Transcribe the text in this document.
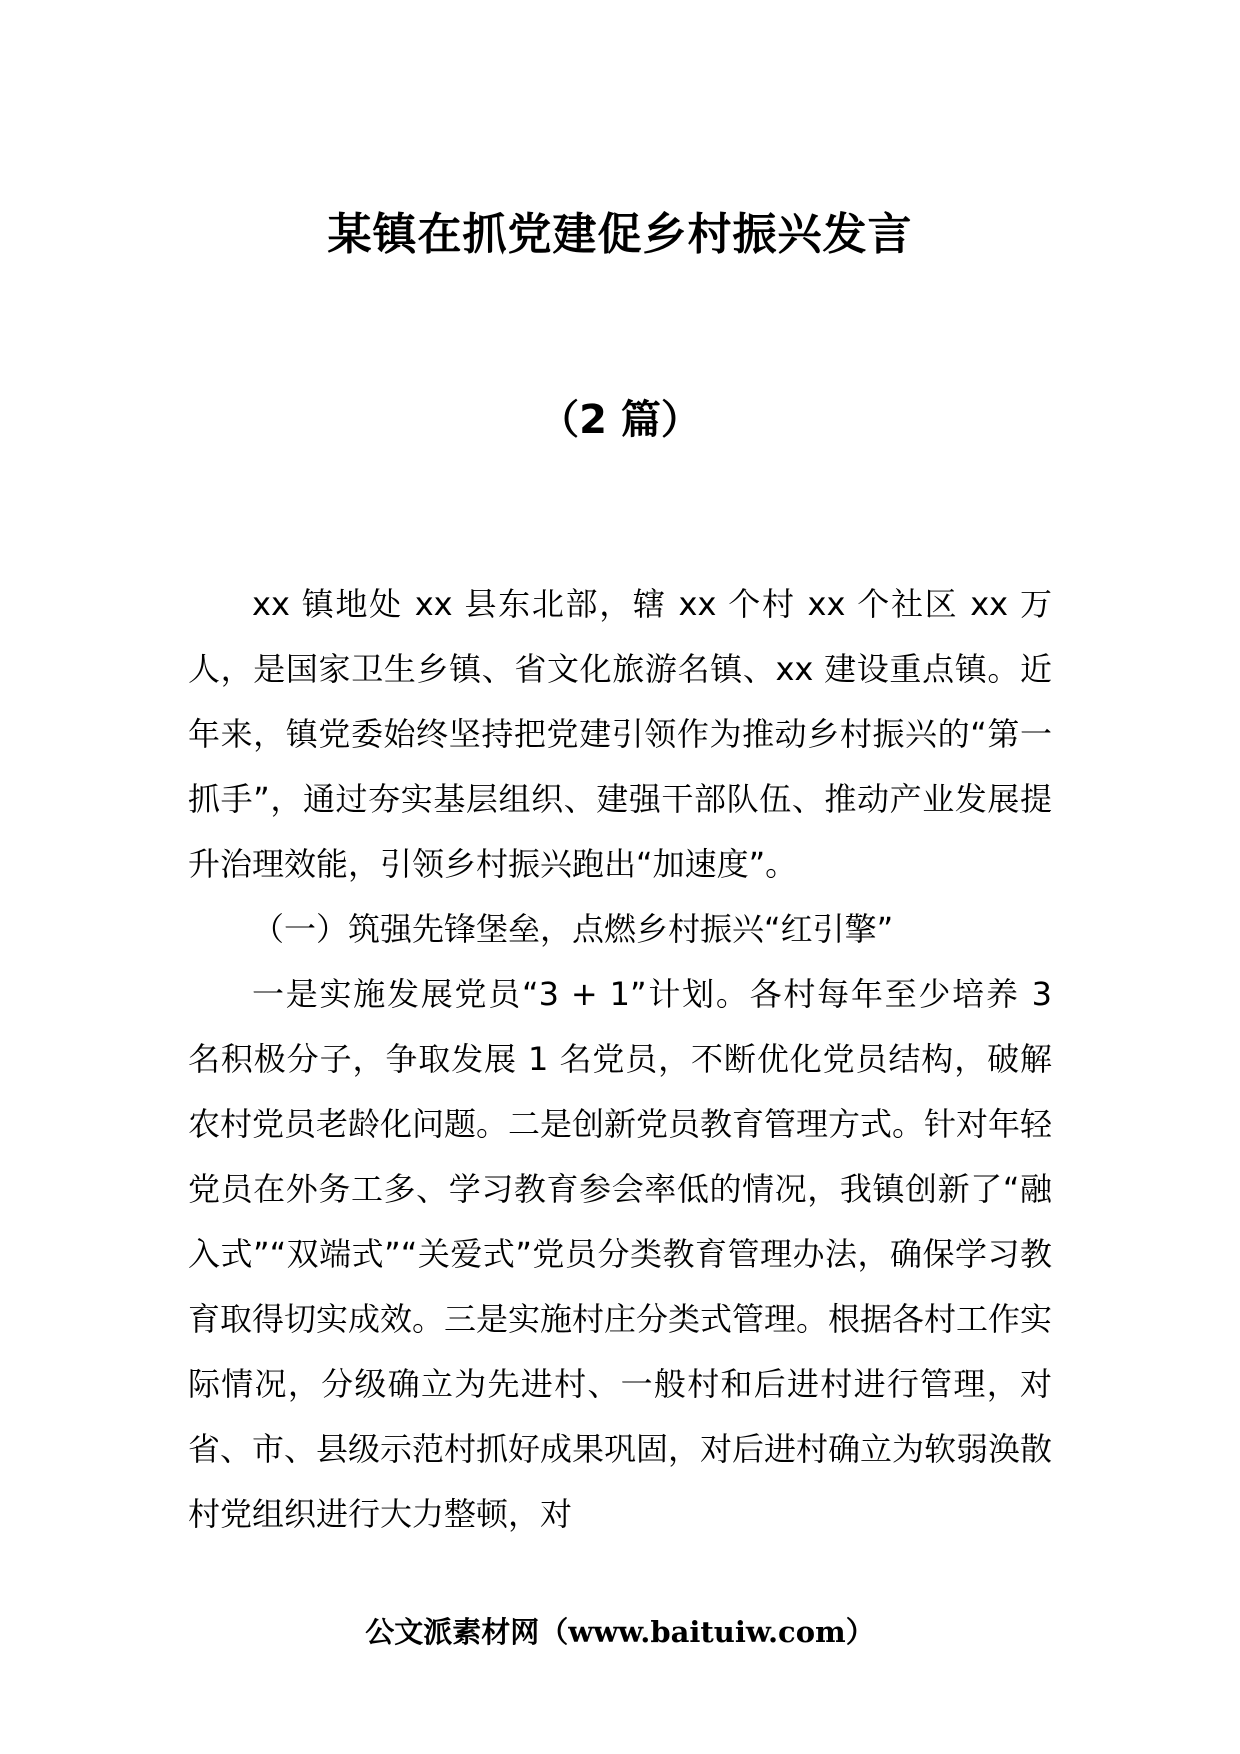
某镇在抓党建促乡村振兴发言
（2 篇）

xx 镇地处 xx 县东北部，辖 xx 个村 xx 个社区 xx 万人，是国家卫生乡镇、省文化旅游名镇、xx 建设重点镇。近年来，镇党委始终坚持把党建引领作为推动乡村振兴的“第一抓手”，通过夯实基层组织、建强干部队伍、推动产业发展提升治理效能，引领乡村振兴跑出“加速度”。

（一）筑强先锋堡垒，点燃乡村振兴“红引擎”

一是实施发展党员“3 + 1”计划。各村每年至少培养 3 名积极分子，争取发展 1 名党员，不断优化党员结构，破解农村党员老龄化问题。二是创新党员教育管理方式。针对年轻党员在外务工多、学习教育参会率低的情况，我镇创新了“融入式”“双端式”“关爱式”党员分类教育管理办法，确保学习教育取得切实成效。三是实施村庄分类式管理。根据各村工作实际情况，分级确立为先进村、一般村和后进村进行管理，对省、市、县级示范村抓好成果巩固，对后进村确立为软弱涣散村党组织进行大力整顿，对

公文派素材网（www.baituiw.com）
